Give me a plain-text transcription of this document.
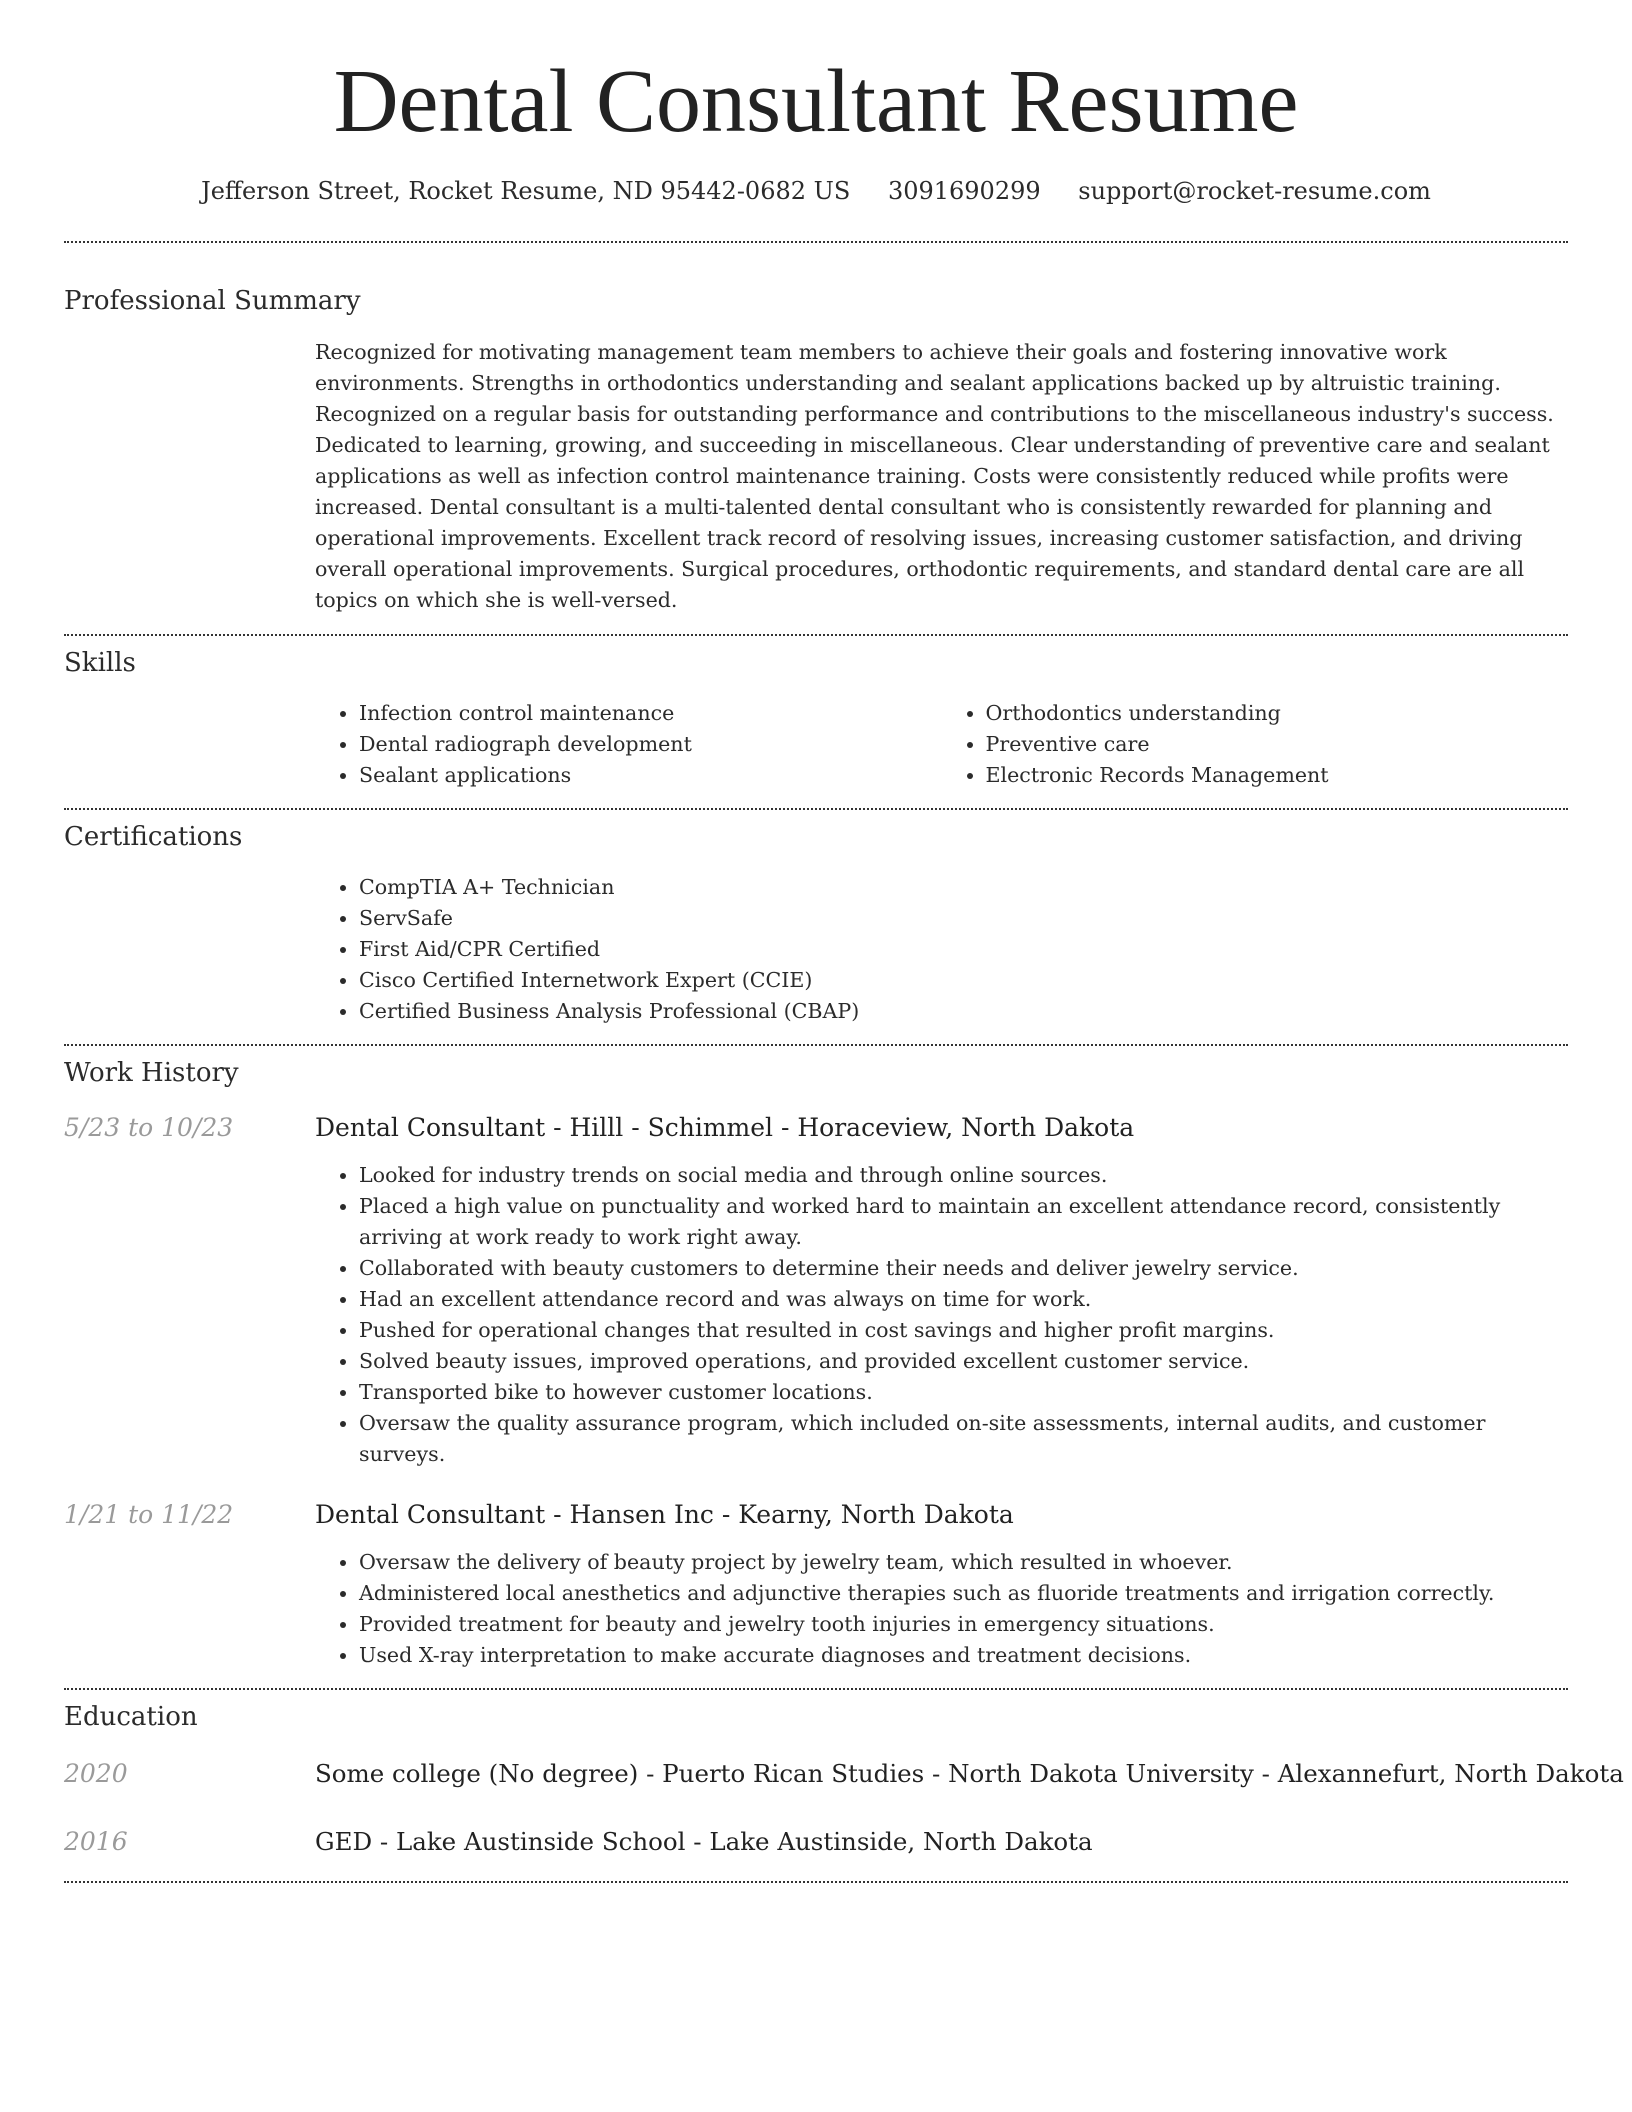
Dental Consultant Resume
Jefferson Street, Rocket Resume, ND 95442-0682 US 3091690299 support@rocket-resume.com
Professional Summary
Recognized for motivating management team members to achieve their goals and fostering innovative work environments. Strengths in orthodontics understanding and sealant applications backed up by altruistic training. Recognized on a regular basis for outstanding performance and contributions to the miscellaneous industry's success. Dedicated to learning, growing, and succeeding in miscellaneous. Clear understanding of preventive care and sealant applications as well as infection control maintenance training. Costs were consistently reduced while profits were increased. Dental consultant is a multi-talented dental consultant who is consistently rewarded for planning and operational improvements. Excellent track record of resolving issues, increasing customer satisfaction, and driving overall operational improvements. Surgical procedures, orthodontic requirements, and standard dental care are all topics on which she is well-versed.
Skills
• Infection control maintenance
• Dental radiograph development
• Sealant applications
• Orthodontics understanding
• Preventive care
• Electronic Records Management
Certifications
• CompTIA A+ Technician
• ServSafe
• First Aid/CPR Certified
• Cisco Certified Internetwork Expert (CCIE)
• Certified Business Analysis Professional (CBAP)
Work History
5/23 to 10/23	Dental Consultant - Hilll - Schimmel - Horaceview, North Dakota
• Looked for industry trends on social media and through online sources.
• Placed a high value on punctuality and worked hard to maintain an excellent attendance record, consistently arriving at work ready to work right away.
• Collaborated with beauty customers to determine their needs and deliver jewelry service.
• Had an excellent attendance record and was always on time for work.
• Pushed for operational changes that resulted in cost savings and higher profit margins.
• Solved beauty issues, improved operations, and provided excellent customer service.
• Transported bike to however customer locations.
• Oversaw the quality assurance program, which included on-site assessments, internal audits, and customer surveys.
1/21 to 11/22	Dental Consultant - Hansen Inc - Kearny, North Dakota
• Oversaw the delivery of beauty project by jewelry team, which resulted in whoever.
• Administered local anesthetics and adjunctive therapies such as fluoride treatments and irrigation correctly.
• Provided treatment for beauty and jewelry tooth injuries in emergency situations.
• Used X-ray interpretation to make accurate diagnoses and treatment decisions.
Education
2020	Some college (No degree) - Puerto Rican Studies - North Dakota University - Alexannefurt, North Dakota
2016	GED - Lake Austinside School - Lake Austinside, North Dakota
